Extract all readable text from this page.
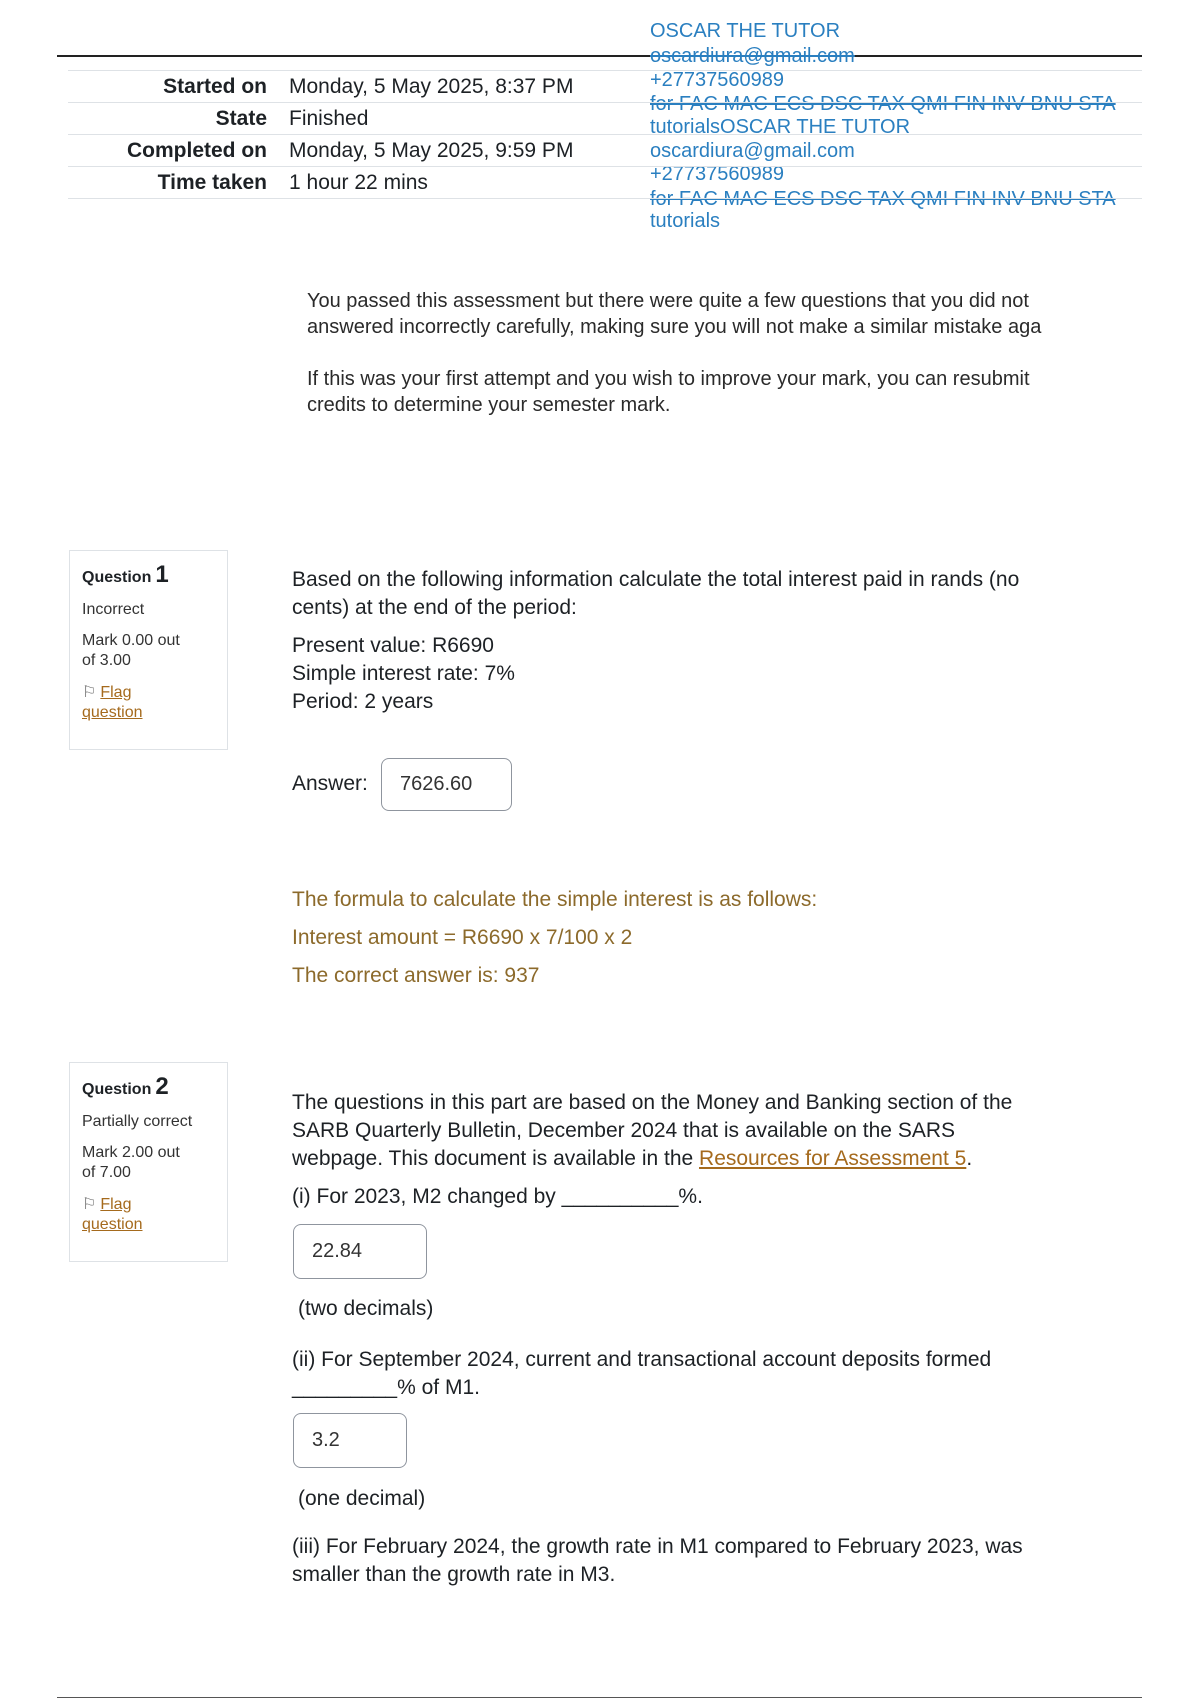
OSCAR THE TUTOR
oscardiura@gmail.com
+27737560989
for FAC MAC ECS DSC TAX QMI FIN INV BNU STA
tutorialsOSCAR THE TUTOR
oscardiura@gmail.com
+27737560989
for FAC MAC ECS DSC TAX QMI FIN INV BNU STA
tutorials
Started on	Monday, 5 May 2025, 8:37 PM
State	Finished
Completed on	Monday, 5 May 2025, 9:59 PM
Time taken	1 hour 22 mins
You passed this assessment but there were quite a few questions that you did not
answered incorrectly carefully, making sure you will not make a similar mistake aga
If this was your first attempt and you wish to improve your mark, you can resubmit
credits to determine your semester mark.
Question 1
Incorrect
Mark 0.00 out
of 3.00
⚐ Flag
question
Based on the following information calculate the total interest paid in rands (no
cents) at the end of the period:
Present value: R6690
Simple interest rate: 7%
Period: 2 years
Answer:	7626.60
The formula to calculate the simple interest is as follows:
Interest amount = R6690 x 7/100 x 2
The correct answer is: 937
Question 2
Partially correct
Mark 2.00 out
of 7.00
⚐ Flag
question
The questions in this part are based on the Money and Banking section of the
SARB Quarterly Bulletin, December 2024 that is available on the SARS
webpage. This document is available in the Resources for Assessment 5.
(i) For 2023, M2 changed by __________%.
22.84
(two decimals)
(ii) For September 2024, current and transactional account deposits formed
_________% of M1.
3.2
(one decimal)
(iii) For February 2024, the growth rate in M1 compared to February 2023, was
smaller than the growth rate in M3.
